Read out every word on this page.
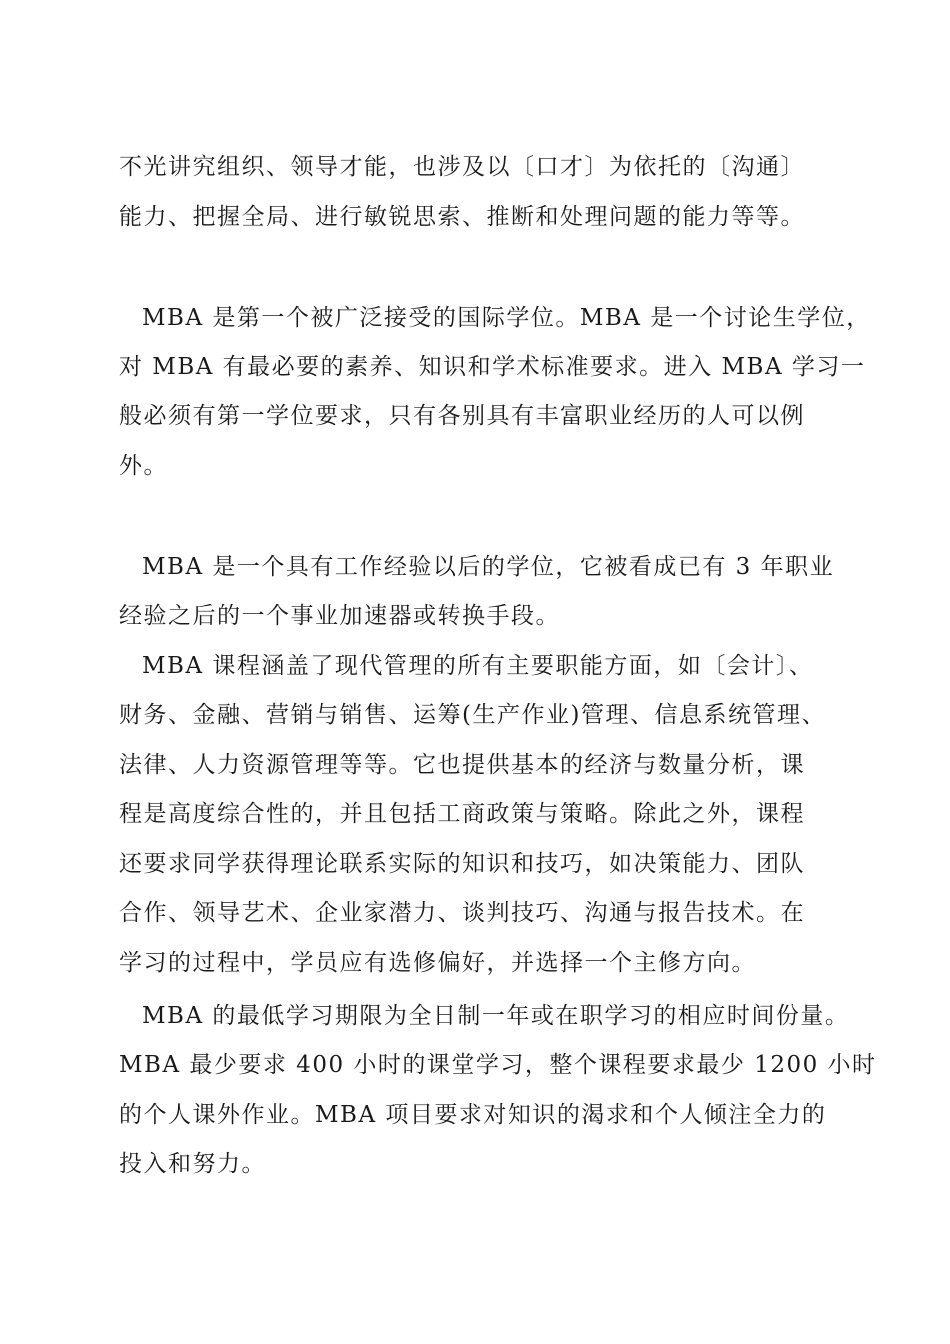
不光讲究组织、领导才能，也涉及以〔口才〕为依托的〔沟通〕

能力、把握全局、进行敏锐思索、推断和处理问题的能力等等。

MBA 是第一个被广泛接受的国际学位。MBA 是一个讨论生学位，

对 MBA 有最必要的素养、知识和学术标准要求。进入 MBA 学习一

般必须有第一学位要求，只有各别具有丰富职业经历的人可以例

外。

MBA 是一个具有工作经验以后的学位，它被看成已有 3 年职业

经验之后的一个事业加速器或转换手段。

MBA 课程涵盖了现代管理的所有主要职能方面，如〔会计〕、

财务、金融、营销与销售、运筹(生产作业)管理、信息系统管理、

法律、人力资源管理等等。它也提供基本的经济与数量分析，课

程是高度综合性的，并且包括工商政策与策略。除此之外，课程

还要求同学获得理论联系实际的知识和技巧，如决策能力、团队

合作、领导艺术、企业家潜力、谈判技巧、沟通与报告技术。在

学习的过程中，学员应有选修偏好，并选择一个主修方向。

MBA 的最低学习期限为全日制一年或在职学习的相应时间份量。

MBA 最少要求 400 小时的课堂学习，整个课程要求最少 1200 小时

的个人课外作业。MBA 项目要求对知识的渴求和个人倾注全力的

投入和努力。
